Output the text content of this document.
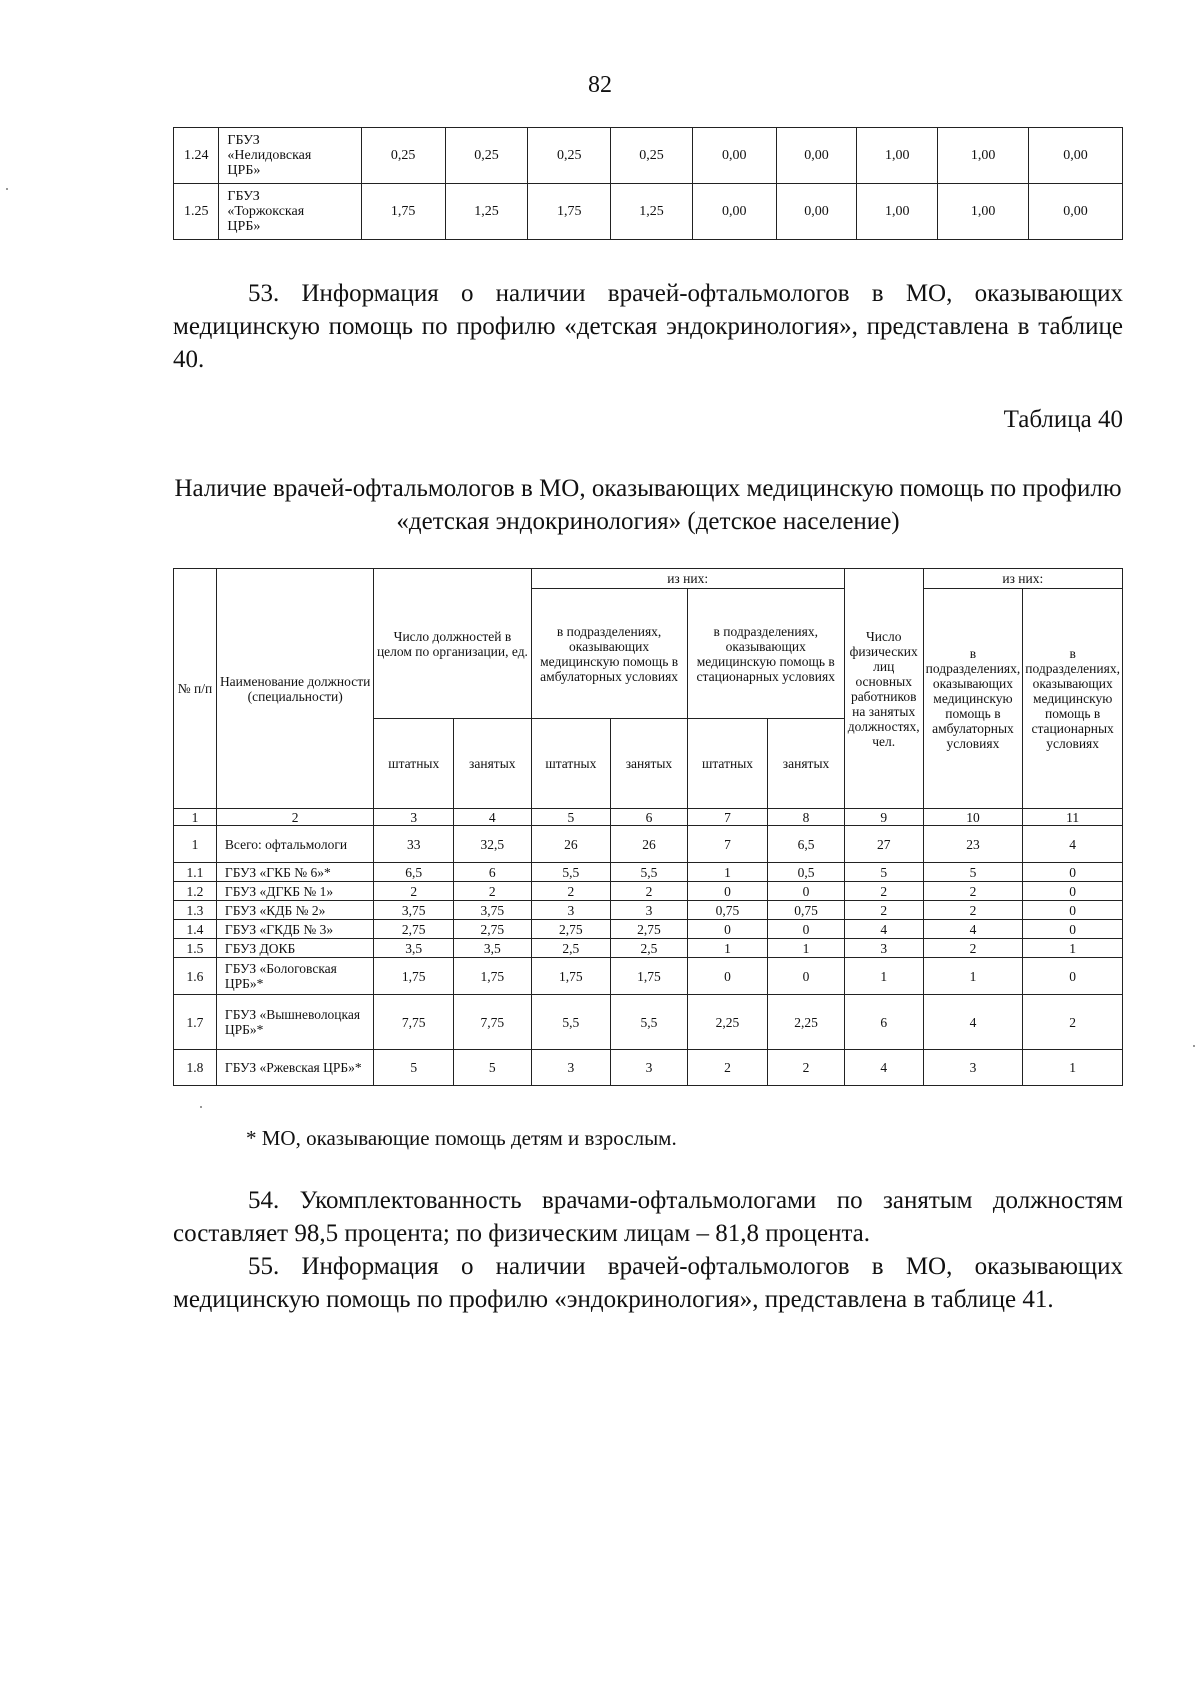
82
1.24	ГБУЗ
«Нелидовская
ЦРБ»	0,25	0,25	0,25	0,25	0,00	0,00	1,00	1,00	0,00
1.25	ГБУЗ
«Торжокская
ЦРБ»	1,75	1,25	1,75	1,25	0,00	0,00	1,00	1,00	0,00

53. Информация о наличии врачей-офтальмологов в МО, оказывающих медицинскую помощь по профилю «детская эндокринология», представлена в таблице 40.

Таблица 40

Наличие врачей-офтальмологов в МО, оказывающих медицинскую помощь по профилю «детская эндокринология» (детское население)

№ п/п	Наименование должности (специальности)	Число должностей в целом по организации, ед.		из них:				Число физических лиц основных работников на занятых должностях, чел.	из них:	
				в подразделениях, оказывающих медицинскую помощь в амбулаторных условиях		в подразделениях, оказывающих медицинскую помощь в стационарных условиях			в подразделениях, оказывающих медицинскую помощь в амбулаторных условиях	в подразделениях, оказывающих медицинскую помощь в стационарных условиях
		штатных	занятых	штатных	занятых	штатных	занятых			
1	2	3	4	5	6	7	8	9	10	11
1	Всего: офтальмологи	33	32,5	26	26	7	6,5	27	23	4
1.1	ГБУЗ «ГКБ № 6»*	6,5	6	5,5	5,5	1	0,5	5	5	0
1.2	ГБУЗ «ДГКБ № 1»	2	2	2	2	0	0	2	2	0
1.3	ГБУЗ «КДБ № 2»	3,75	3,75	3	3	0,75	0,75	2	2	0
1.4	ГБУЗ «ГКДБ № 3»	2,75	2,75	2,75	2,75	0	0	4	4	0
1.5	ГБУЗ ДОКБ	3,5	3,5	2,5	2,5	1	1	3	2	1
1.6	ГБУЗ «Бологовская ЦРБ»*	1,75	1,75	1,75	1,75	0	0	1	1	0
1.7	ГБУЗ «Вышневолоцкая ЦРБ»*	7,75	7,75	5,5	5,5	2,25	2,25	6	4	2
1.8	ГБУЗ «Ржевская ЦРБ»*	5	5	3	3	2	2	4	3	1
* МО, оказывающие помощь детям и взрослым.

54. Укомплектованность врачами-офтальмологами по занятым должностям составляет 98,5 процента; по физическим лицам – 81,8 процента.

55. Информация о наличии врачей-офтальмологов в МО, оказывающих медицинскую помощь по профилю «эндокринология», представлена в таблице 41.
